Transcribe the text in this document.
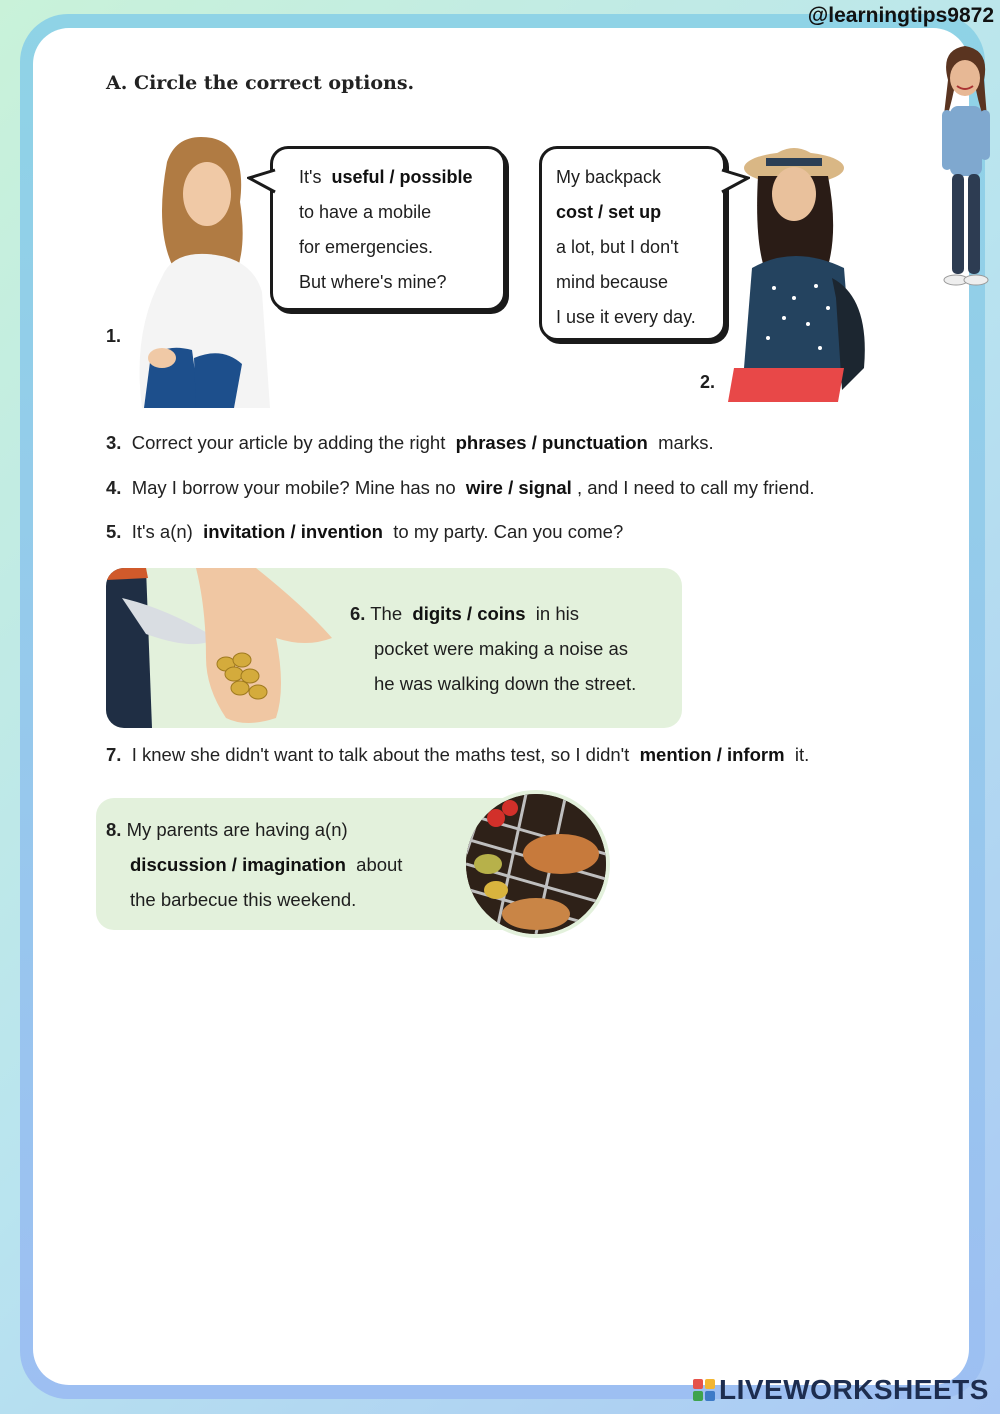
@learningtips9872
A. Circle the correct options.
1.
It's useful / possible
to have a mobile
for emergencies.
But where's mine?
My backpack
cost / set up
a lot, but I don't
mind because
I use it every day.
2.
3. Correct your article by adding the right phrases / punctuation marks.
4. May I borrow your mobile? Mine has no wire / signal , and I need to call my friend.
5. It's a(n) invitation / invention to my party. Can you come?
6. The digits / coins in his
pocket were making a noise as
he was walking down the street.
7. I knew she didn't want to talk about the maths test, so I didn't mention / inform it.
8. My parents are having a(n)
discussion / imagination about
the barbecue this weekend.
LIVEWORKSHEETS
